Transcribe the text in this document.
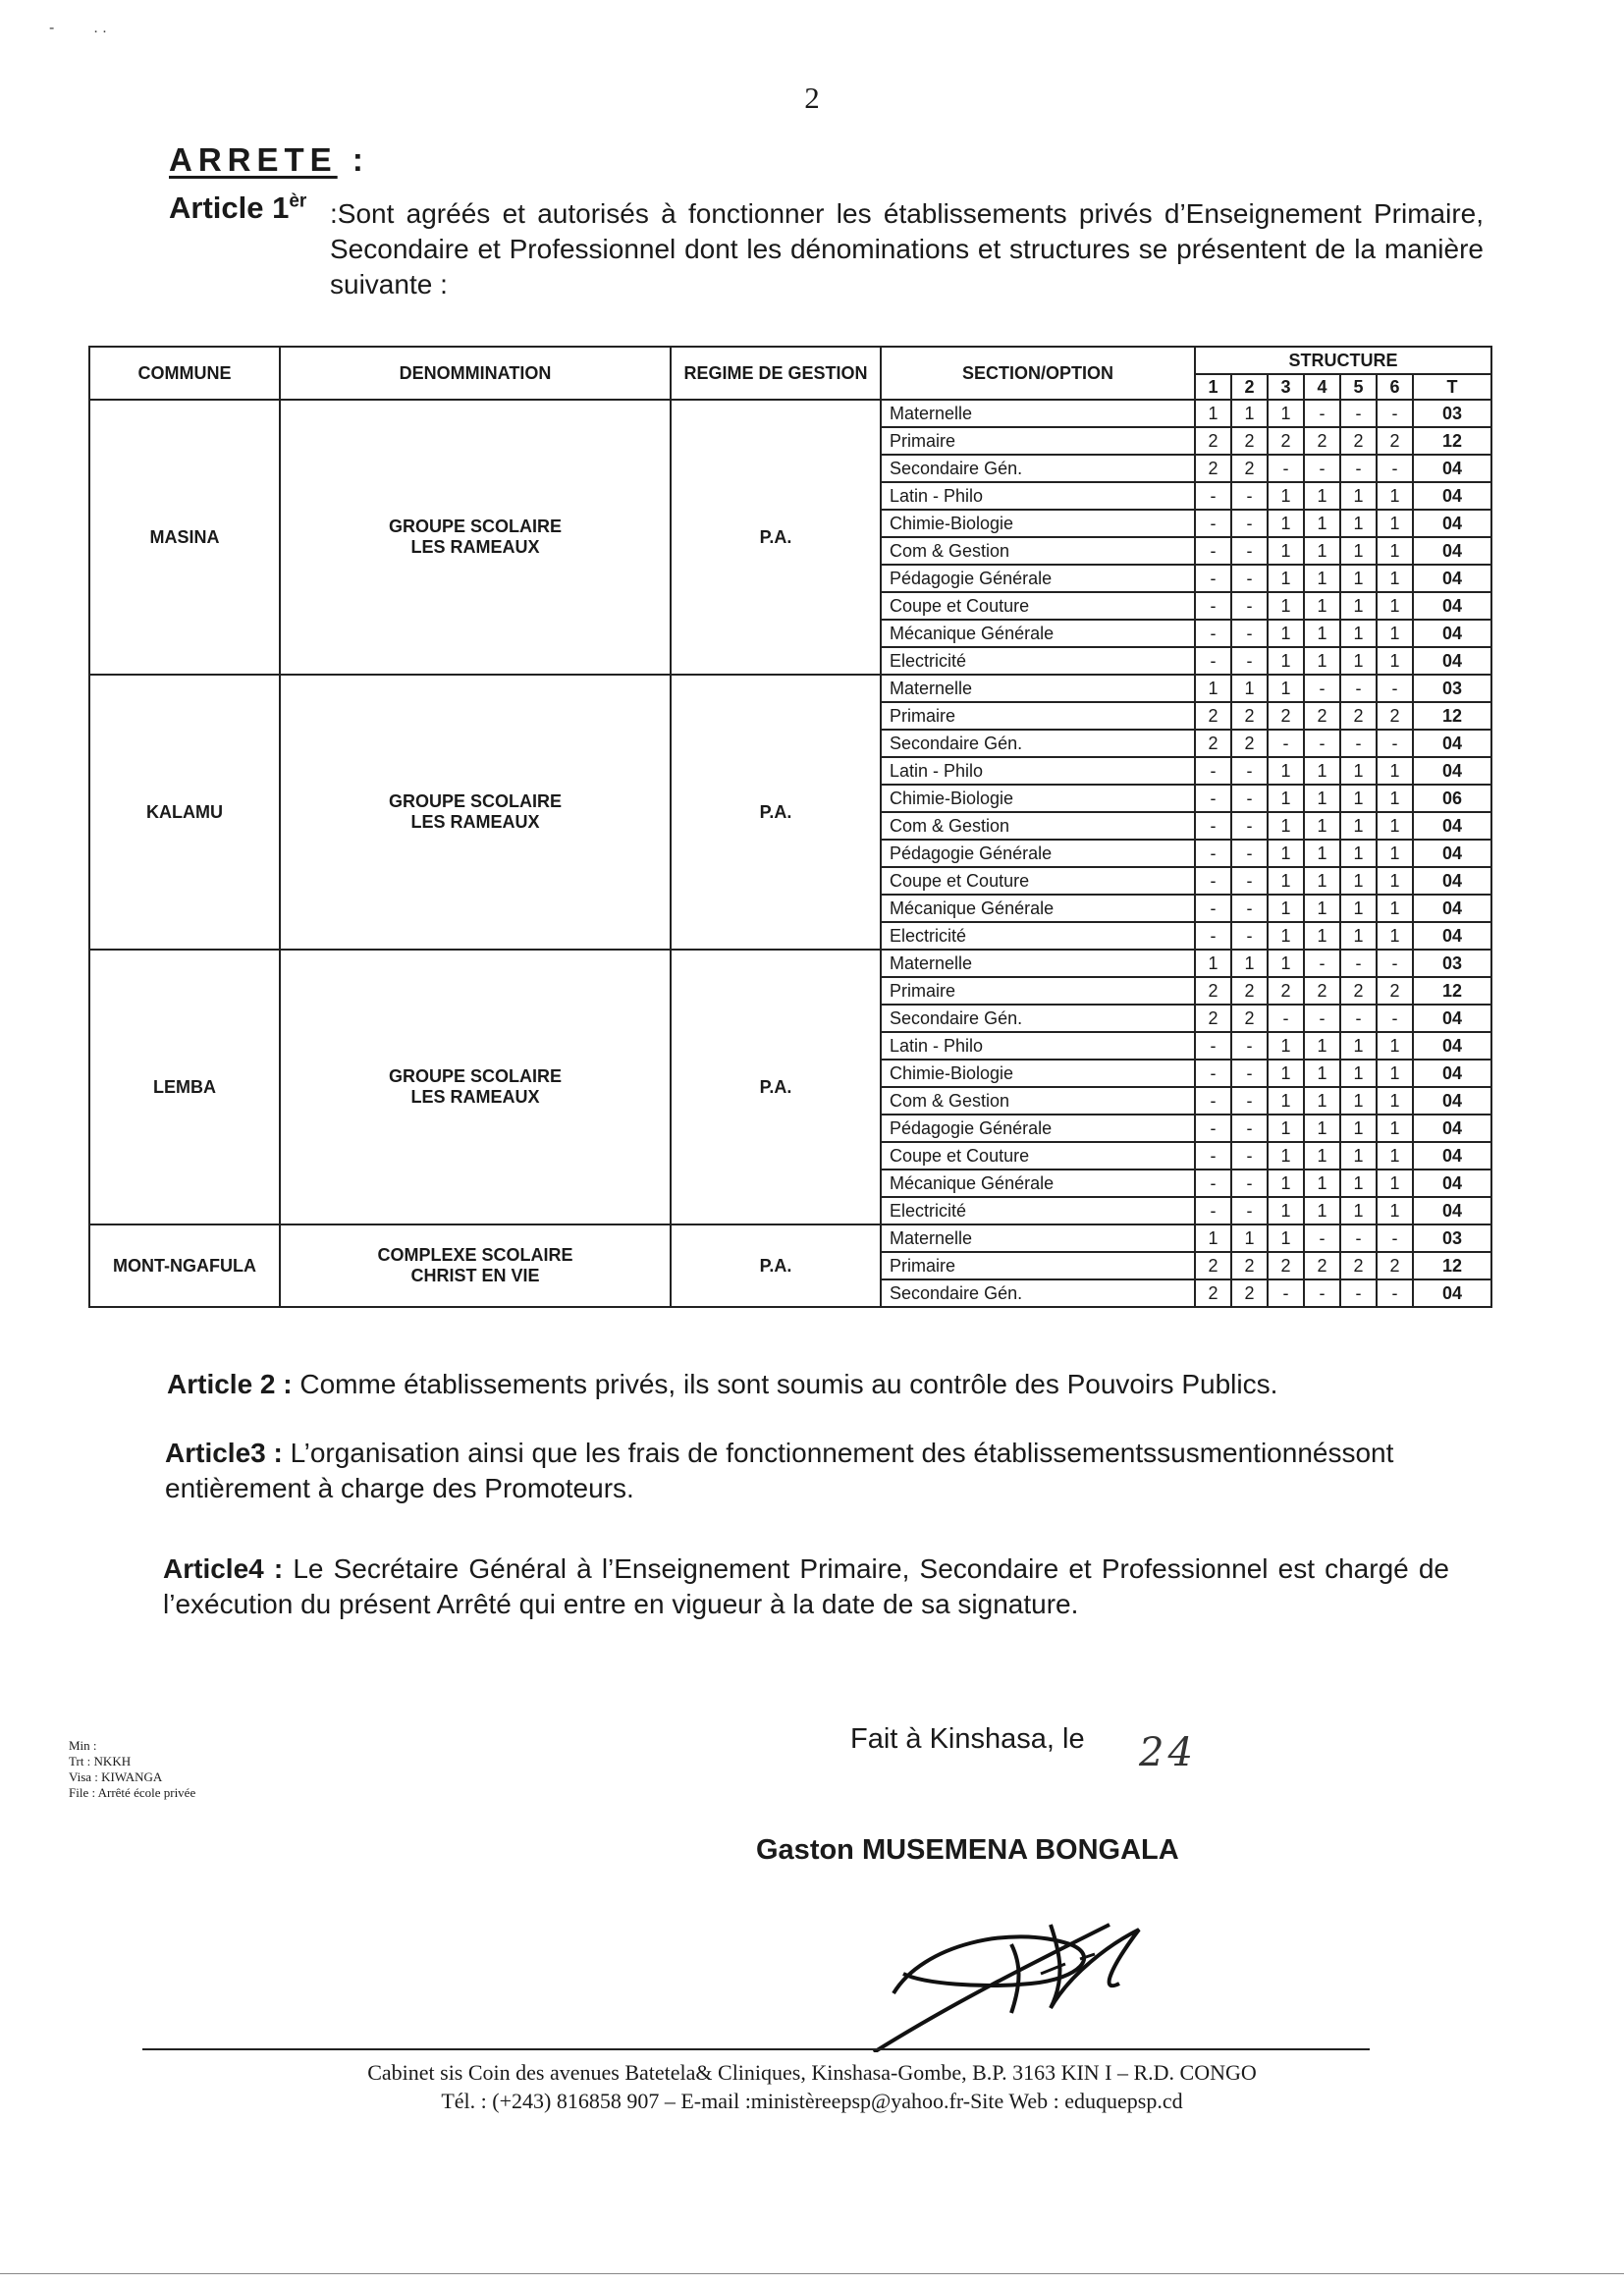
-         . .
2
ARRETE :
Article $1^{èr}$ :Sont agréés et autorisés à fonctionner les établissements privés d’Enseignement Primaire, Secondaire et Professionnel dont les dénominations et structures se présentent de la manière suivante :
COMMUNE	DENOMMINATION	REGIME DE GESTION	SECTION/OPTION	STRUCTURE						
				1	2	3	4	5	6	T
MASINA	GROUPE SCOLAIRE LES RAMEAUX	P.A.	Maternelle	1	1	1	-	-	-	03
			Primaire	2	2	2	2	2	2	12
			Secondaire Gén.	2	2	-	-	-	-	04
			Latin - Philo	-	-	1	1	1	1	04
			Chimie-Biologie	-	-	1	1	1	1	04
			Com & Gestion	-	-	1	1	1	1	04
			Pédagogie Générale	-	-	1	1	1	1	04
			Coupe et Couture	-	-	1	1	1	1	04
			Mécanique Générale	-	-	1	1	1	1	04
			Electricité	-	-	1	1	1	1	04
KALAMU	GROUPE SCOLAIRE LES RAMEAUX	P.A.	Maternelle	1	1	1	-	-	-	03
			Primaire	2	2	2	2	2	2	12
			Secondaire Gén.	2	2	-	-	-	-	04
			Latin - Philo	-	-	1	1	1	1	04
			Chimie-Biologie	-	-	1	1	1	1	06
			Com & Gestion	-	-	1	1	1	1	04
			Pédagogie Générale	-	-	1	1	1	1	04
			Coupe et Couture	-	-	1	1	1	1	04
			Mécanique Générale	-	-	1	1	1	1	04
			Electricité	-	-	1	1	1	1	04
LEMBA	GROUPE SCOLAIRE LES RAMEAUX	P.A.	Maternelle	1	1	1	-	-	-	03
			Primaire	2	2	2	2	2	2	12
			Secondaire Gén.	2	2	-	-	-	-	04
			Latin - Philo	-	-	1	1	1	1	04
			Chimie-Biologie	-	-	1	1	1	1	04
			Com & Gestion	-	-	1	1	1	1	04
			Pédagogie Générale	-	-	1	1	1	1	04
			Coupe et Couture	-	-	1	1	1	1	04
			Mécanique Générale	-	-	1	1	1	1	04
			Electricité	-	-	1	1	1	1	04
MONT-NGAFULA	COMPLEXE SCOLAIRE CHRIST EN VIE	P.A.	Maternelle	1	1	1	-	-	-	03
			Primaire	2	2	2	2	2	2	12
			Secondaire Gén.	2	2	-	-	-	-	04
Article 2 : Comme établissements privés, ils sont soumis au contrôle des Pouvoirs Publics.
Article3 : L’organisation ainsi que les frais de fonctionnement des établissementssusmentionnéssont entièrement à charge des Promoteurs.
Article4 : Le Secrétaire Général à l’Enseignement Primaire, Secondaire et Professionnel est chargé de l’exécution du présent Arrêté qui entre en vigueur à la date de sa signature.
Min :
Trt : NKKH
Visa : KIWANGA
File : Arrêté école privée
Fait à Kinshasa, le 24
Gaston MUSEMENA BONGALA
Cabinet sis Coin des avenues Batetela& Cliniques, Kinshasa-Gombe, B.P. 3163 KIN I – R.D. CONGO
Tél. : (+243) 816858 907 – E-mail :ministèreepsp@yahoo.fr-Site Web : eduquepsp.cd
